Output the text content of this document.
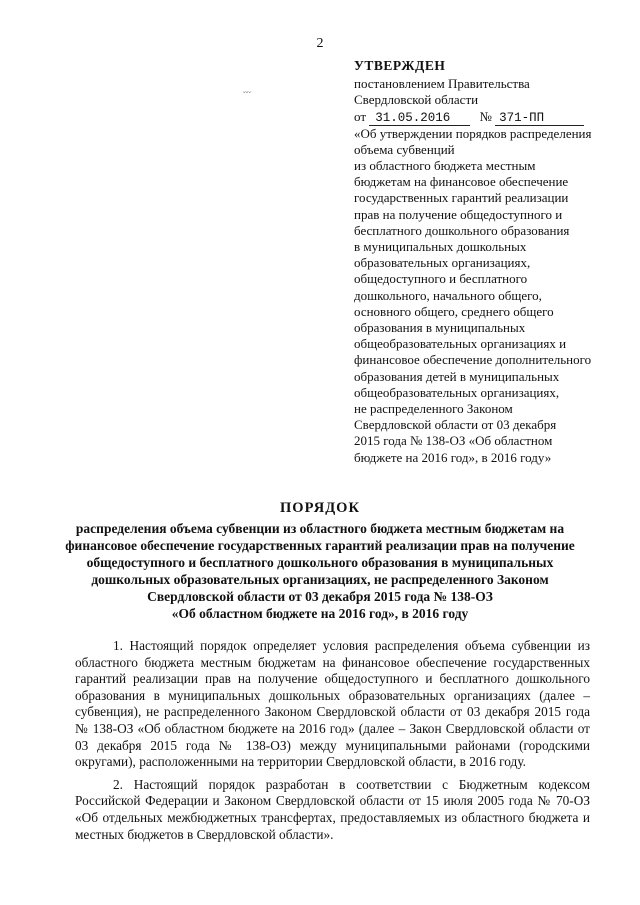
2
˘˘˘
УТВЕРЖДЕН
постановлением Правительства
Свердловской области
от 31.05.2016 № 371-ПП
«Об утверждении порядков распределения
объема субвенций
из областного бюджета местным
бюджетам на финансовое обеспечение
государственных гарантий реализации
прав на получение общедоступного и
бесплатного дошкольного образования
в муниципальных дошкольных
образовательных организациях,
общедоступного и бесплатного
дошкольного, начального общего,
основного общего, среднего общего
образования в муниципальных
общеобразовательных организациях и
финансовое обеспечение дополнительного
образования детей в муниципальных
общеобразовательных организациях,
не распределенного Законом
Свердловской области от 03 декабря
2015 года № 138-ОЗ «Об областном
бюджете на 2016 год», в 2016 году»
ПОРЯДОК
распределения объема субвенции из областного бюджета местным бюджетам на
финансовое обеспечение государственных гарантий реализации прав на получение
общедоступного и бесплатного дошкольного образования в муниципальных
дошкольных образовательных организациях, не распределенного Законом
Свердловской области от 03 декабря 2015 года № 138-ОЗ
«Об областном бюджете на 2016 год», в 2016 году

1. Настоящий порядок определяет условия распределения объема субвенции из областного бюджета местным бюджетам на финансовое обеспечение государственных гарантий реализации прав на получение общедоступного и бесплатного дошкольного образования в муниципальных дошкольных образовательных организациях (далее – субвенция), не распределенного Законом Свердловской области от 03 декабря 2015 года № 138-ОЗ «Об областном бюджете на 2016 год» (далее – Закон Свердловской области от 03 декабря 2015 года № 138-ОЗ) между муниципальными районами (городскими округами), расположенными на территории Свердловской области, в 2016 году.

2. Настоящий порядок разработан в соответствии с Бюджетным кодексом Российской Федерации и Законом Свердловской области от 15 июля 2005 года № 70-ОЗ «Об отдельных межбюджетных трансфертах, предоставляемых из областного бюджета и местных бюджетов в Свердловской области».
